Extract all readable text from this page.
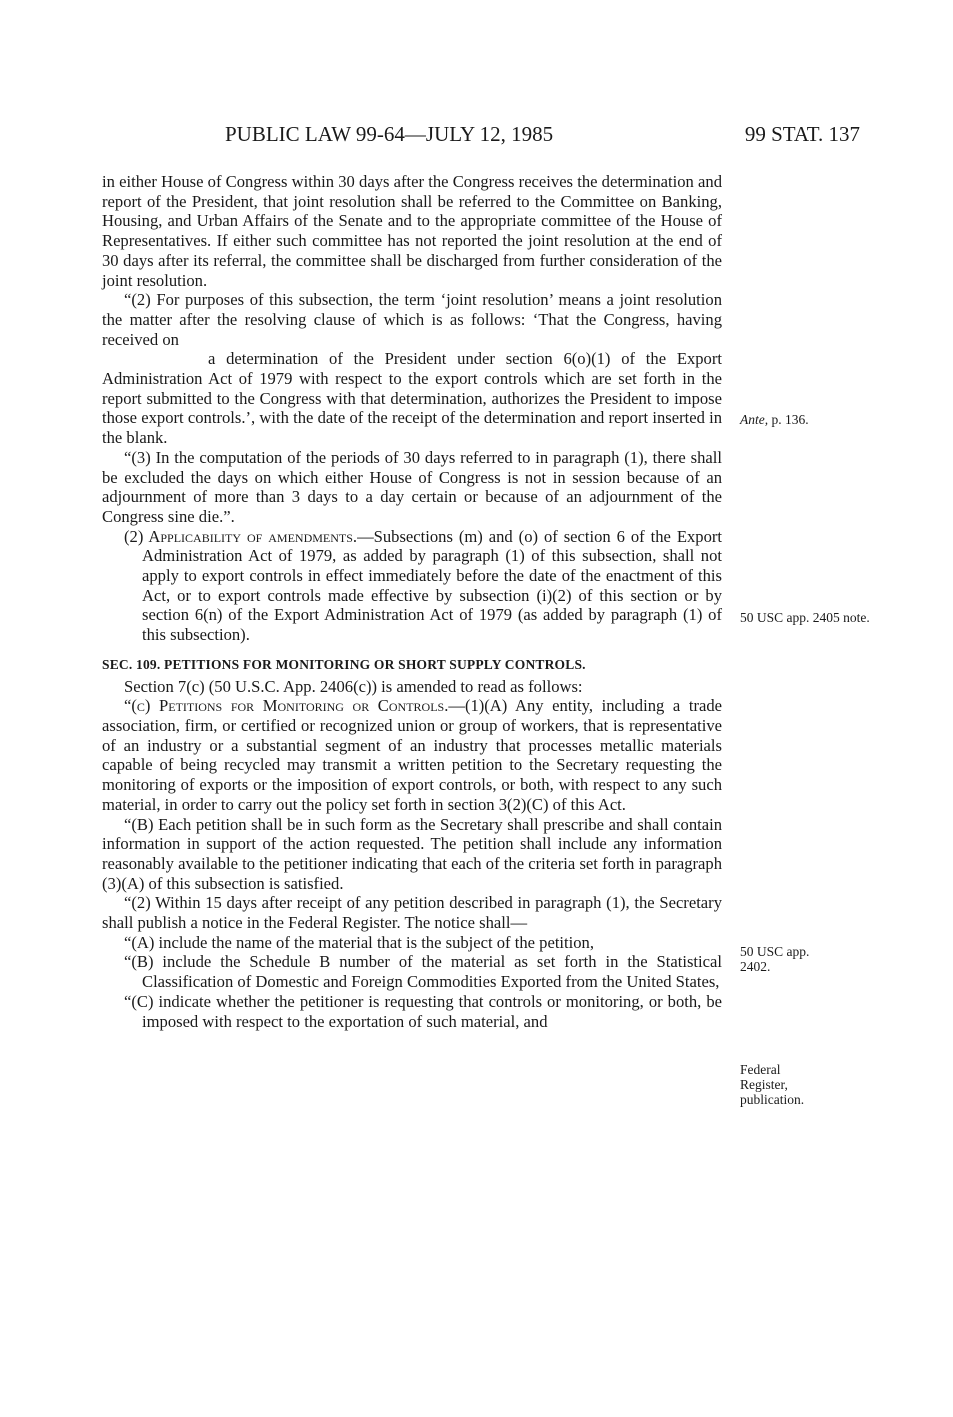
PUBLIC LAW 99-64—JULY 12, 1985	99 STAT. 137

in either House of Congress within 30 days after the Congress receives the determination and report of the President, that joint resolution shall be referred to the Committee on Banking, Housing, and Urban Affairs of the Senate and to the appropriate committee of the House of Representatives. If either such committee has not reported the joint resolution at the end of 30 days after its referral, the committee shall be discharged from further consideration of the joint resolution.

“(2) For purposes of this subsection, the term ‘joint resolution’ means a joint resolution the matter after the resolving clause of which is as follows: ‘That the Congress, having received on

a determination of the President under section 6(o)(1) of the Export Administration Act of 1979 with respect to the export controls which are set forth in the report submitted to the Congress with that determination, authorizes the President to impose those export controls.’, with the date of the receipt of the determination and report inserted in the blank.

“(3) In the computation of the periods of 30 days referred to in paragraph (1), there shall be excluded the days on which either House of Congress is not in session because of an adjournment of more than 3 days to a day certain or because of an adjournment of the Congress sine die.”.

(2) Applicability of amendments.—Subsections (m) and (o) of section 6 of the Export Administration Act of 1979, as added by paragraph (1) of this subsection, shall not apply to export controls in effect immediately before the date of the enactment of this Act, or to export controls made effective by subsection (i)(2) of this section or by section 6(n) of the Export Administration Act of 1979 (as added by paragraph (1) of this subsection).

SEC. 109. PETITIONS FOR MONITORING OR SHORT SUPPLY CONTROLS.

Section 7(c) (50 U.S.C. App. 2406(c)) is amended to read as follows:

“(c) Petitions for Monitoring or Controls.—(1)(A) Any entity, including a trade association, firm, or certified or recognized union or group of workers, that is representative of an industry or a substantial segment of an industry that processes metallic materials capable of being recycled may transmit a written petition to the Secretary requesting the monitoring of exports or the imposition of export controls, or both, with respect to any such material, in order to carry out the policy set forth in section 3(2)(C) of this Act.

“(B) Each petition shall be in such form as the Secretary shall prescribe and shall contain information in support of the action requested. The petition shall include any information reasonably available to the petitioner indicating that each of the criteria set forth in paragraph (3)(A) of this subsection is satisfied.

“(2) Within 15 days after receipt of any petition described in paragraph (1), the Secretary shall publish a notice in the Federal Register. The notice shall—

“(A) include the name of the material that is the subject of the petition,

“(B) include the Schedule B number of the material as set forth in the Statistical Classification of Domestic and Foreign Commodities Exported from the United States,

“(C) indicate whether the petitioner is requesting that controls or monitoring, or both, be imposed with respect to the exportation of such material, and

Ante, p. 136.
50 USC app. 2405 note.
50 USC app. 2402.
Federal Register, publication.
